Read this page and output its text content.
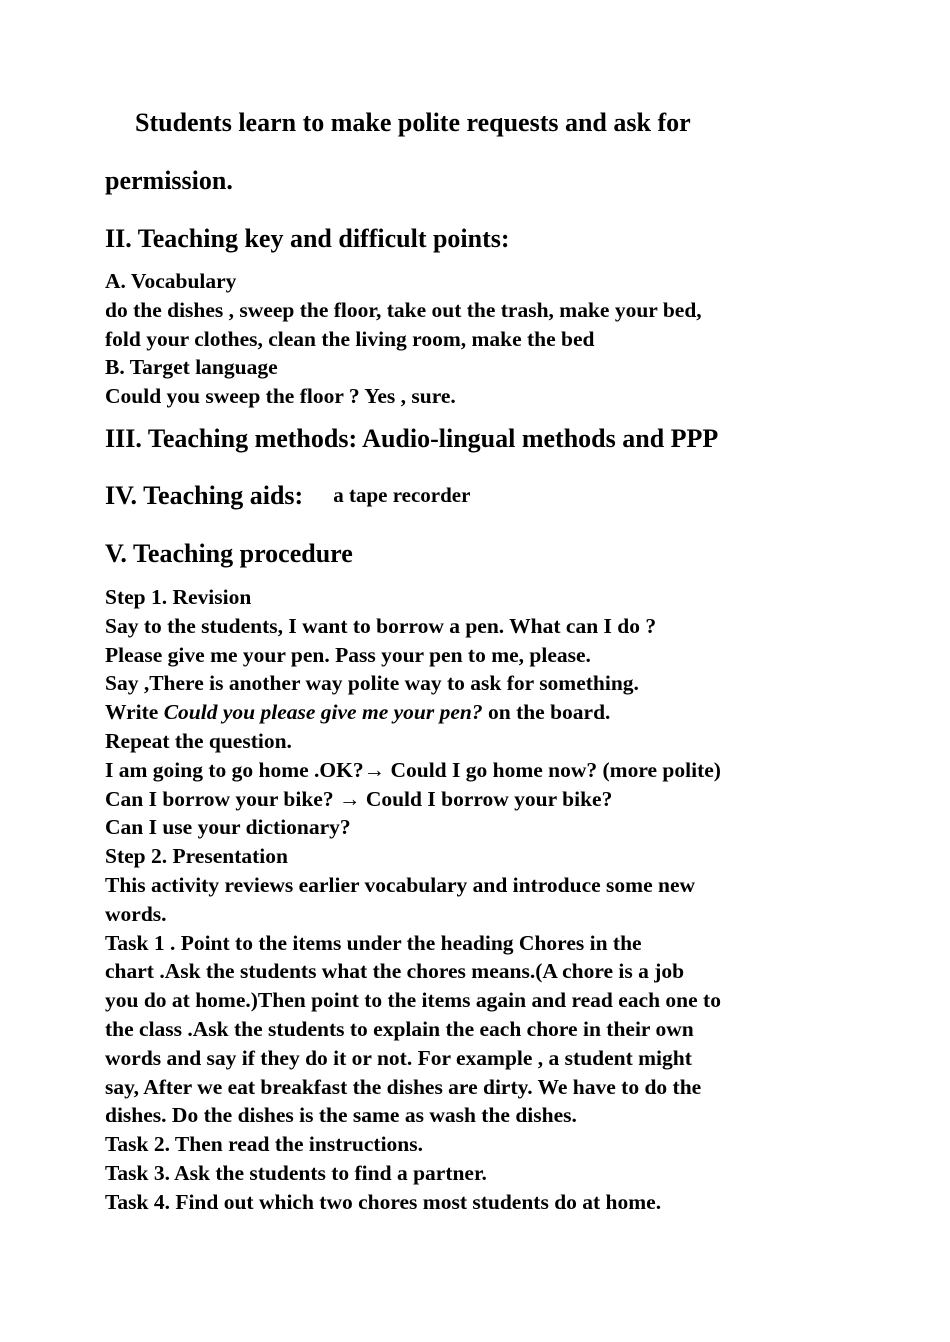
Students learn to make polite requests and ask for
permission.
II. Teaching key and difficult points:
A. Vocabulary
do the dishes , sweep the floor, take out the trash, make your bed,
fold your clothes, clean the living room, make the bed
B. Target language
Could you sweep the floor ? Yes , sure.
III. Teaching methods: Audio-lingual methods and PPP
IV. Teaching aids: a tape recorder
V. Teaching procedure
Step 1. Revision
Say to the students, I want to borrow a pen. What can I do ?
Please give me your pen. Pass your pen to me, please.
Say ,There is another way polite way to ask for something.
Write Could you please give me your pen? on the board.
Repeat the question.
I am going to go home .OK?→ Could I go home now? (more polite)
Can I borrow your bike? → Could I borrow your bike?
Can I use your dictionary?
Step 2. Presentation
This activity reviews earlier vocabulary and introduce some new
words.
Task 1 . Point to the items under the heading Chores in the
chart .Ask the students what the chores means.(A chore is a job
you do at home.)Then point to the items again and read each one to
the class .Ask the students to explain the each chore in their own
words and say if they do it or not. For example , a student might
say, After we eat breakfast the dishes are dirty. We have to do the
dishes. Do the dishes is the same as wash the dishes.
Task 2. Then read the instructions.
Task 3. Ask the students to find a partner.
Task 4. Find out which two chores most students do at home.
